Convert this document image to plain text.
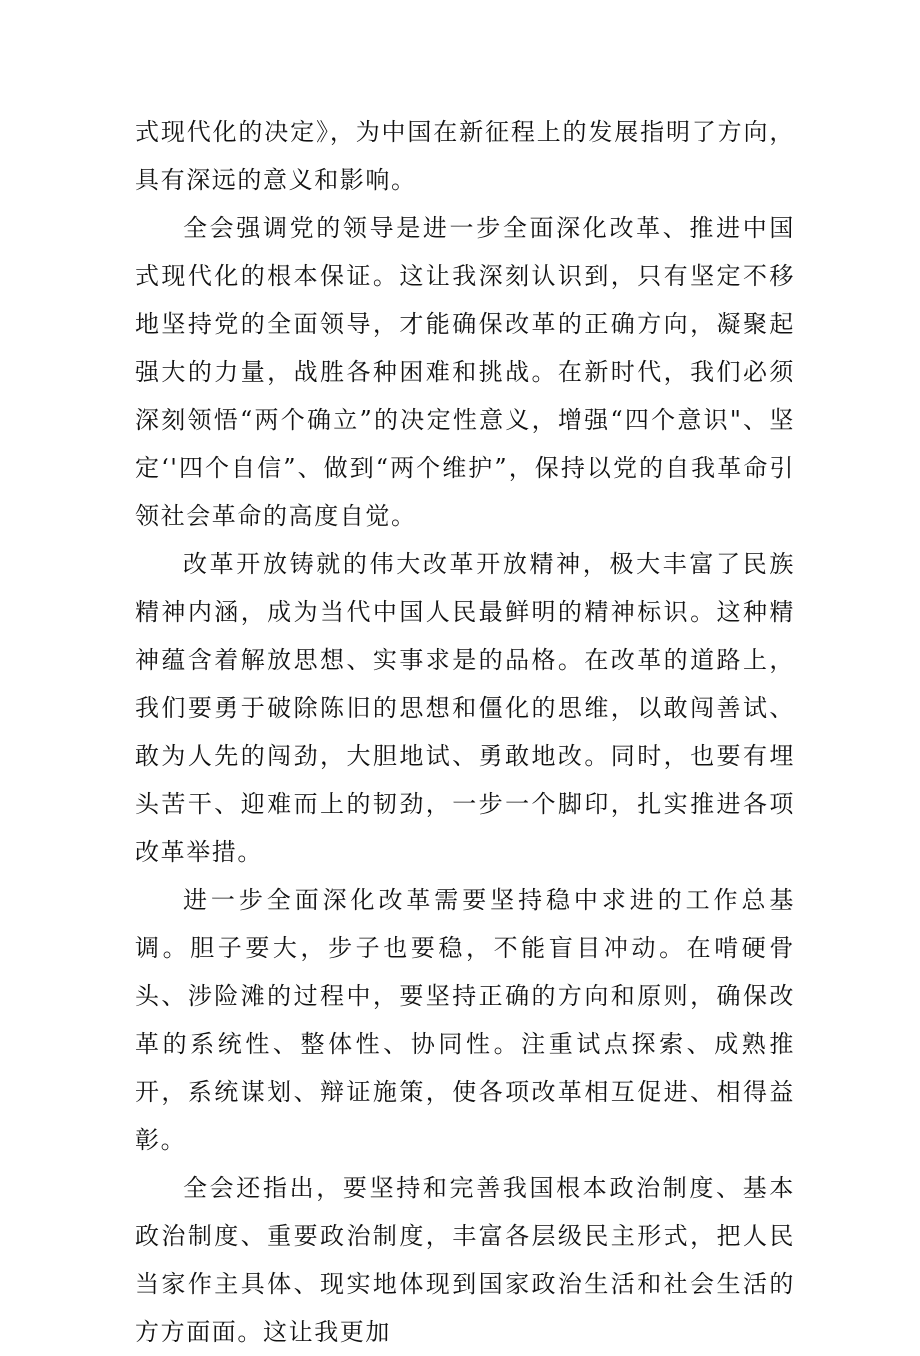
式现代化的决定》，为中国在新征程上的发展指明了方向，具有深远的意义和影响。

全会强调党的领导是进一步全面深化改革、推进中国式现代化的根本保证。这让我深刻认识到，只有坚定不移地坚持党的全面领导，才能确保改革的正确方向，凝聚起强大的力量，战胜各种困难和挑战。在新时代，我们必须深刻领悟“两个确立”的决定性意义，增强“四个意识"、坚定‘'四个自信”、做到“两个维护”，保持以党的自我革命引领社会革命的高度自觉。

改革开放铸就的伟大改革开放精神，极大丰富了民族精神内涵，成为当代中国人民最鲜明的精神标识。这种精神蕴含着解放思想、实事求是的品格。在改革的道路上，我们要勇于破除陈旧的思想和僵化的思维，以敢闯善试、敢为人先的闯劲，大胆地试、勇敢地改。同时，也要有埋头苦干、迎难而上的韧劲，一步一个脚印，扎实推进各项改革举措。

进一步全面深化改革需要坚持稳中求进的工作总基调。胆子要大，步子也要稳，不能盲目冲动。在啃硬骨头、涉险滩的过程中，要坚持正确的方向和原则，确保改革的系统性、整体性、协同性。注重试点探索、成熟推开，系统谋划、辩证施策，使各项改革相互促进、相得益彰。

全会还指出，要坚持和完善我国根本政治制度、基本政治制度、重要政治制度，丰富各层级民主形式，把人民当家作主具体、现实地体现到国家政治生活和社会生活的方方面面。这让我更加
